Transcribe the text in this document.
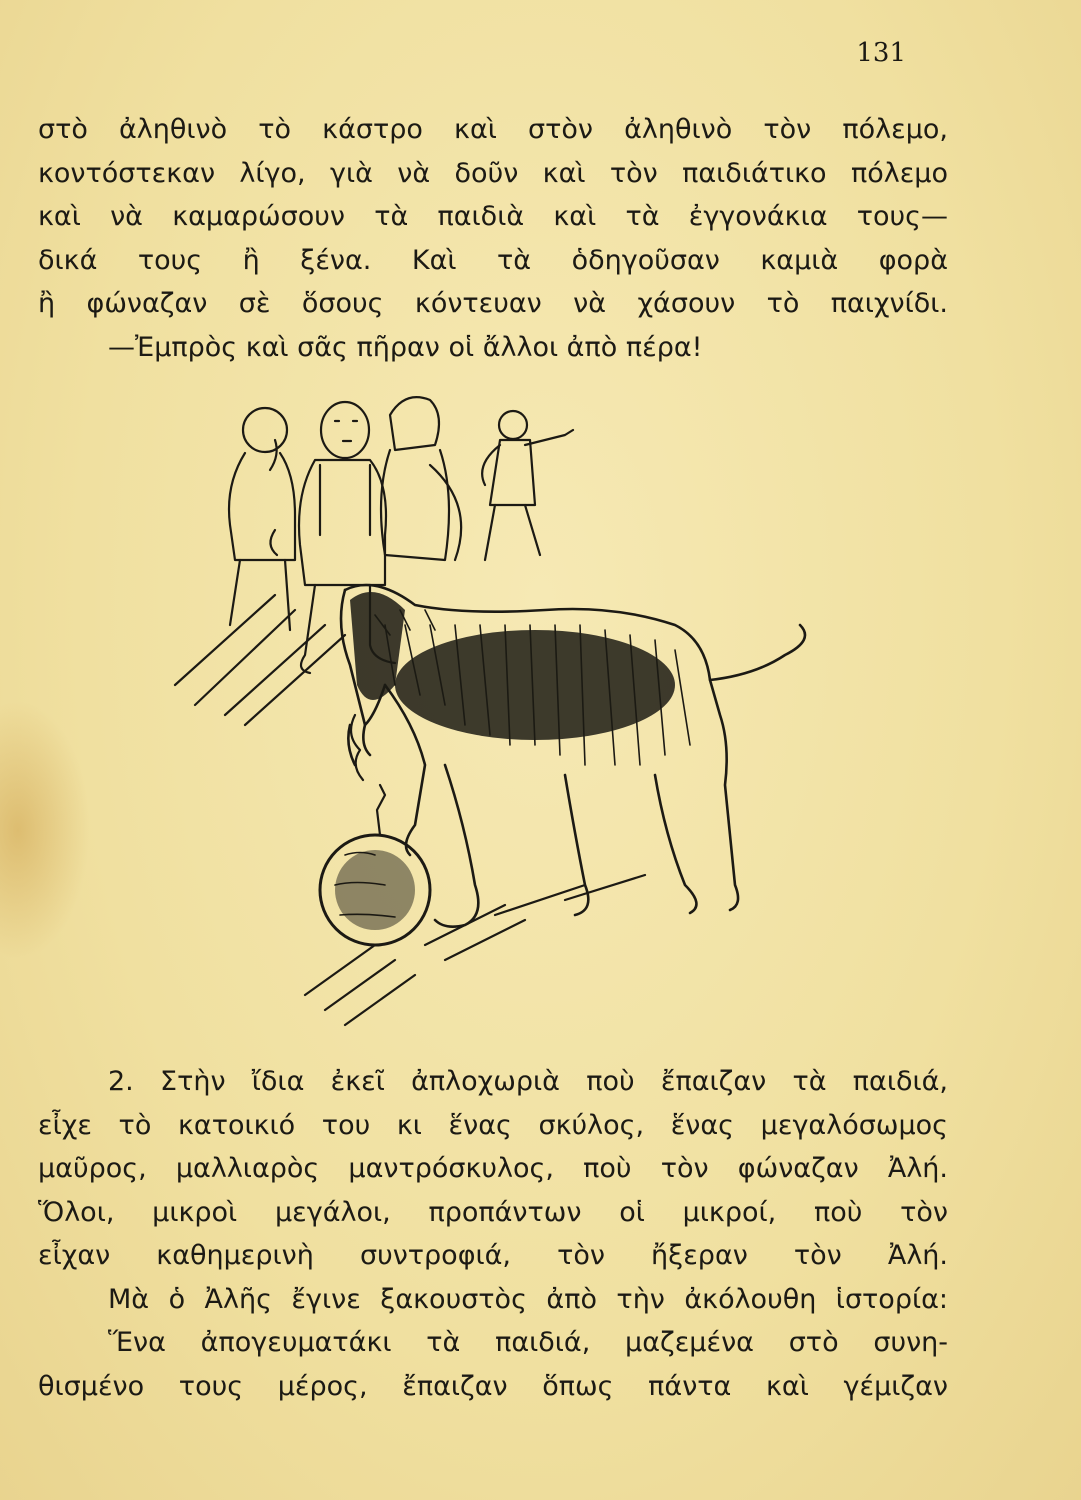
131
στὸ ἀληθινὸ τὸ κάστρο καὶ στὸν ἀληθινὸ τὸν πόλεμο,
κοντόστεκαν λίγο, γιὰ νὰ δοῦν καὶ τὸν παιδιάτικο πόλεμο
καὶ νὰ καμαρώσουν τὰ παιδιὰ καὶ τὰ ἐγγονάκια τους—
δικά τους ἢ ξένα. Καὶ τὰ ὁδηγοῦσαν καμιὰ φορὰ
ἢ φώναζαν σὲ ὅσους κόντευαν νὰ χάσουν τὸ παιχνίδι.
—Ἐμπρὸς καὶ σᾶς πῆραν οἱ ἄλλοι ἀπὸ πέρα!
2. Στὴν ἴδια ἐκεῖ ἀπλοχωριὰ ποὺ ἔπαιζαν τὰ παιδιά,
εἶχε τὸ κατοικιό του κι ἕνας σκύλος, ἕνας μεγαλόσωμος
μαῦρος, μαλλιαρὸς μαντρόσκυλος, ποὺ τὸν φώναζαν Ἀλή.
Ὅλοι, μικροὶ μεγάλοι, προπάντων οἱ μικροί, ποὺ τὸν
εἶχαν καθημερινὴ συντροφιά, τὸν ἤξεραν τὸν Ἀλή.
Μὰ ὁ Ἀλῆς ἔγινε ξακουστὸς ἀπὸ τὴν ἀκόλουθη ἱστορία:
Ἕνα ἀπογευματάκι τὰ παιδιά, μαζεμένα στὸ συνη-
θισμένο τους μέρος, ἔπαιζαν ὅπως πάντα καὶ γέμιζαν
